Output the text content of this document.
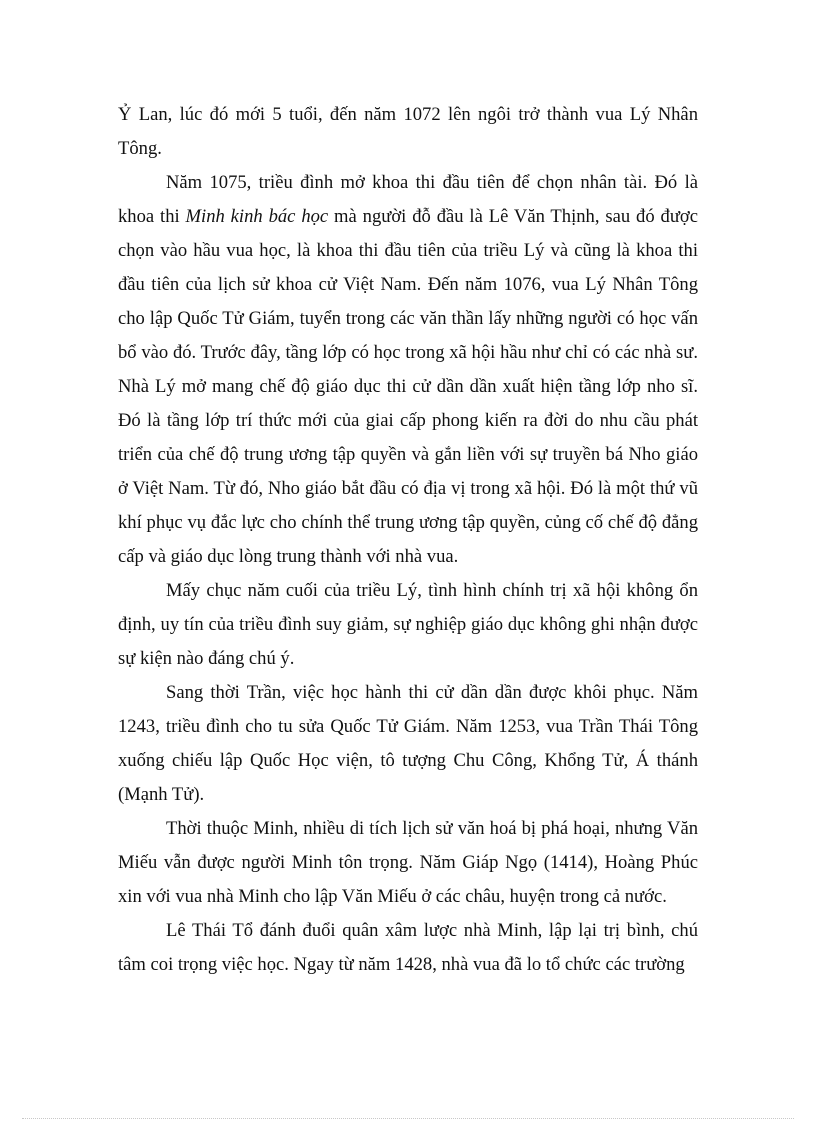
Ỷ Lan, lúc đó mới 5 tuổi, đến năm 1072 lên ngôi trở thành vua Lý Nhân Tông.

Năm 1075, triều đình mở khoa thi đầu tiên để chọn nhân tài. Đó là khoa thi Minh kinh bác học mà người đỗ đầu là Lê Văn Thịnh, sau đó được chọn vào hầu vua học, là khoa thi đầu tiên của triều Lý và cũng là khoa thi đầu tiên của lịch sử khoa cử Việt Nam. Đến năm 1076, vua Lý Nhân Tông cho lập Quốc Tử Giám, tuyển trong các văn thần lấy những người có học vấn bổ vào đó. Trước đây, tầng lớp có học trong xã hội hầu như chỉ có các nhà sư. Nhà Lý mở mang chế độ giáo dục thi cử dần dần xuất hiện tầng lớp nho sĩ. Đó là tầng lớp trí thức mới của giai cấp phong kiến ra đời do nhu cầu phát triển của chế độ trung ương tập quyền và gắn liền với sự truyền bá Nho giáo ở Việt Nam. Từ đó, Nho giáo bắt đầu có địa vị trong xã hội. Đó là một thứ vũ khí phục vụ đắc lực cho chính thể trung ương tập quyền, củng cố chế độ đẳng cấp và giáo dục lòng trung thành với nhà vua.

Mấy chục năm cuối của triều Lý, tình hình chính trị xã hội không ổn định, uy tín của triều đình suy giảm, sự nghiệp giáo dục không ghi nhận được sự kiện nào đáng chú ý.

Sang thời Trần, việc học hành thi cử dần dần được khôi phục. Năm 1243, triều đình cho tu sửa Quốc Tử Giám. Năm 1253, vua Trần Thái Tông xuống chiếu lập Quốc Học viện, tô tượng Chu Công, Khổng Tử, Á thánh (Mạnh Tử).

Thời thuộc Minh, nhiều di tích lịch sử văn hoá bị phá hoại, nhưng Văn Miếu vẫn được người Minh tôn trọng. Năm Giáp Ngọ (1414), Hoàng Phúc xin với vua nhà Minh cho lập Văn Miếu ở các châu, huyện trong cả nước.

Lê Thái Tổ đánh đuổi quân xâm lược nhà Minh, lập lại trị bình, chú tâm coi trọng việc học. Ngay từ năm 1428, nhà vua đã lo tổ chức các trường
